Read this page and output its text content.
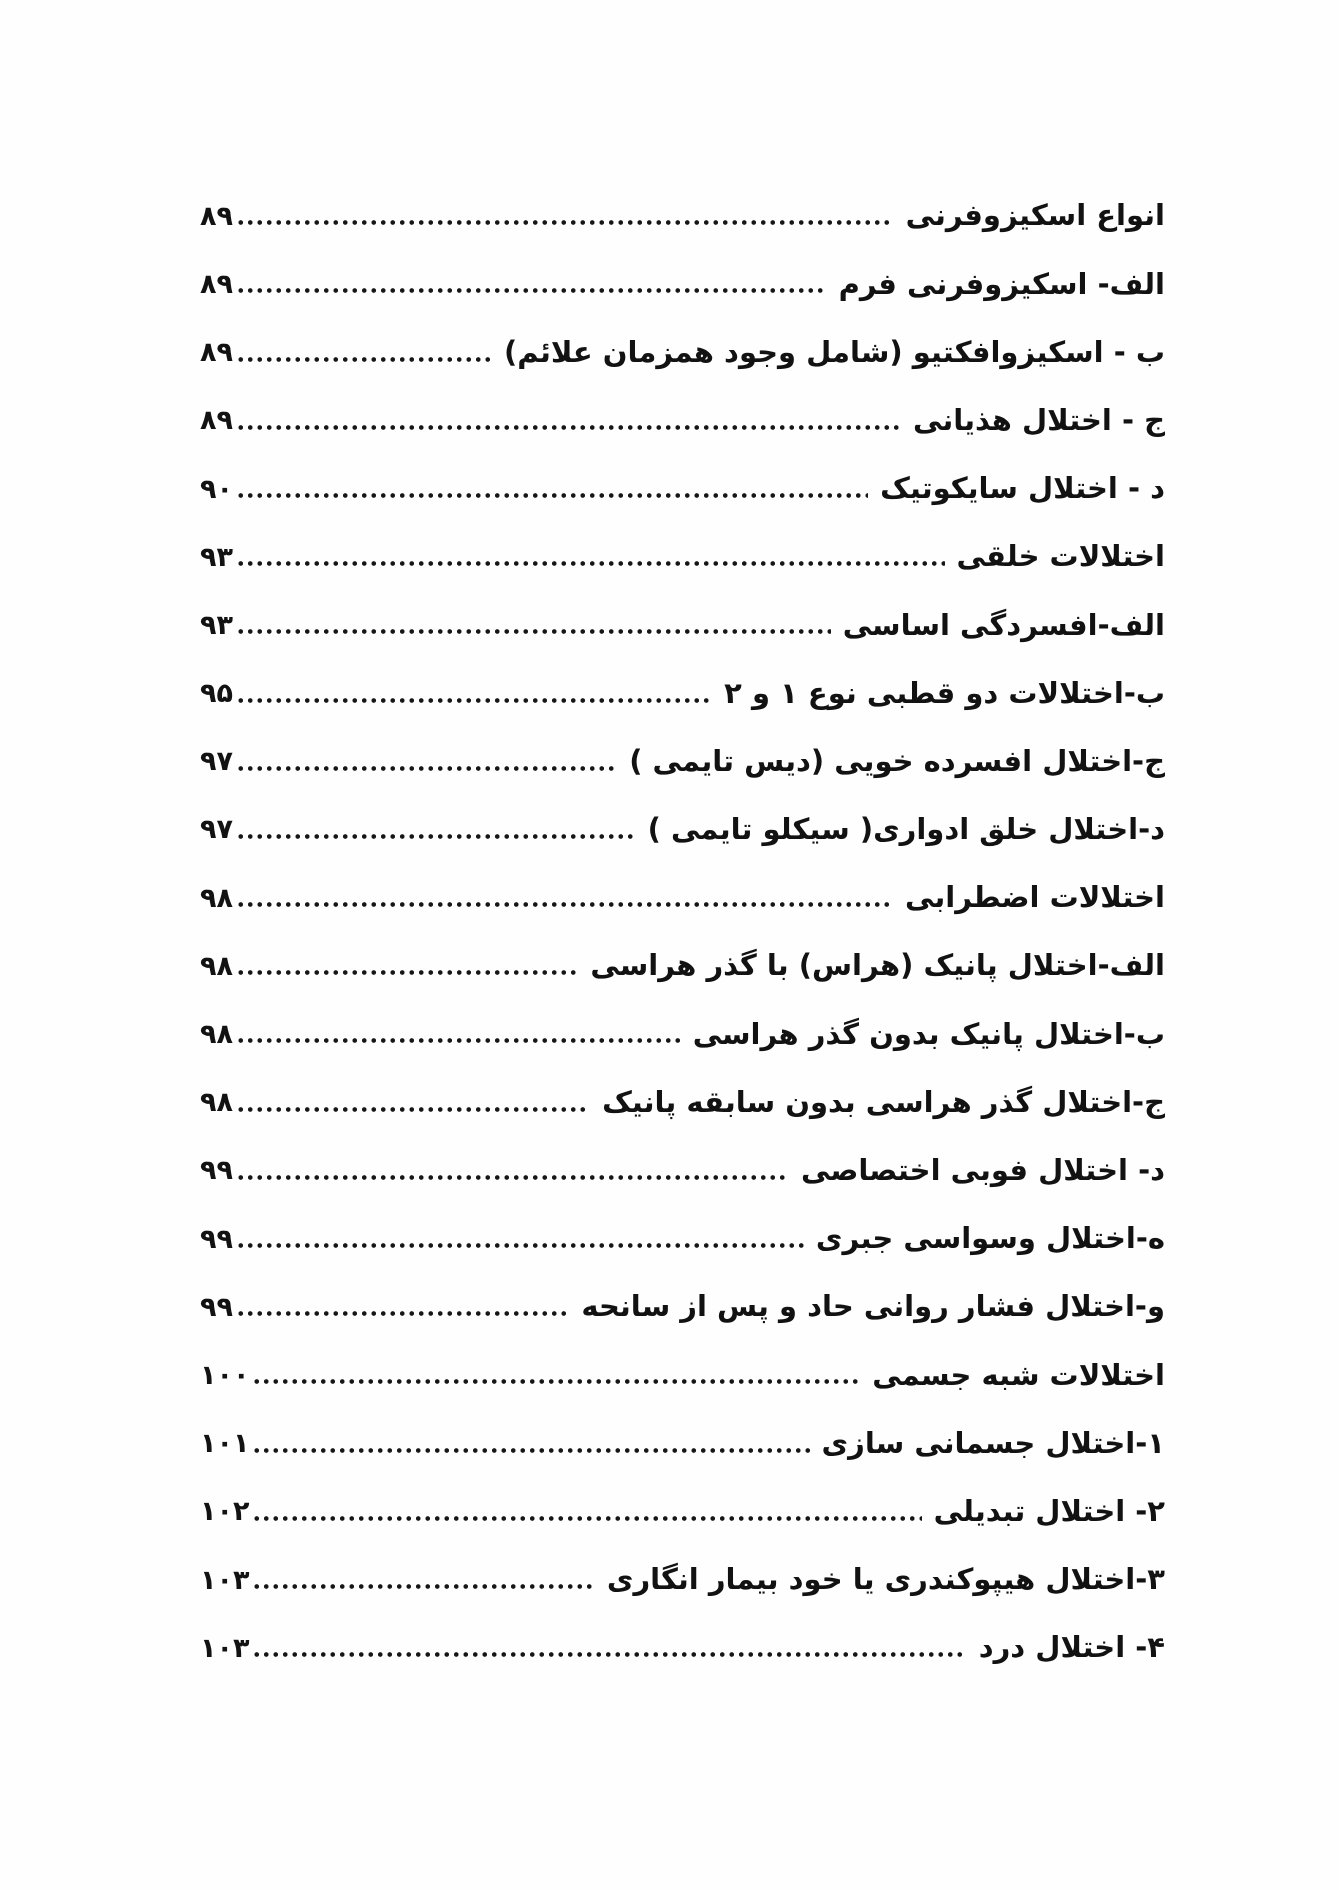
انواع اسکیزوفرنی
۸۹
الف- اسکیزوفرنی فرم
۸۹
ب - اسکیزوافکتیو (شامل وجود همزمان علائم)
۸۹
ج - اختلال هذیانی
۸۹
د - اختلال سایکوتیک
۹۰
اختلالات خلقی
۹۳
الف-افسردگی اساسی
۹۳
ب-اختلالات دو قطبی نوع ۱ و ۲
۹۵
ج-اختلال افسرده خویی (دیس تایمی )
۹۷
د-اختلال خلق ادواری( سیکلو تایمی )
۹۷
اختلالات اضطرابی
۹۸
الف-اختلال پانیک (هراس) با گذر هراسی
۹۸
ب-اختلال پانیک بدون گذر هراسی
۹۸
ج-اختلال گذر هراسی بدون سابقه پانیک
۹۸
د- اختلال فوبی اختصاصی
۹۹
ه-اختلال وسواسی جبری
۹۹
و-اختلال فشار روانی حاد و پس از سانحه
۹۹
اختلالات شبه جسمی
۱۰۰
۱-اختلال جسمانی سازی
۱۰۱
۲- اختلال تبدیلی
۱۰۲
۳-اختلال هیپوکندری یا خود بیمار انگاری
۱۰۳
۴- اختلال درد
۱۰۳
